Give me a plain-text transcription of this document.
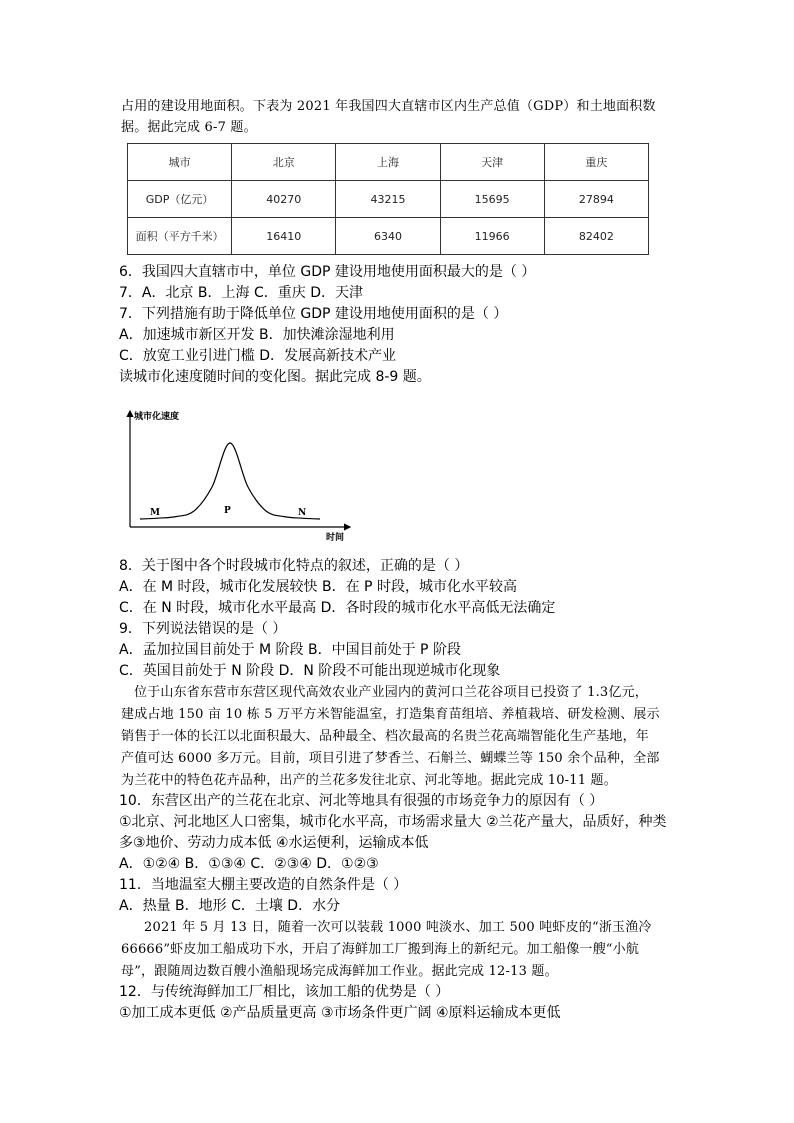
占用的建设用地面积。下表为 2021 年我国四大直辖市区内生产总值（GDP）和土地面积数
据。据此完成 6-7 题。
城市	北京	上海	天津	重庆
GDP（亿元）	40270	43215	15695	27894
面积（平方千米）	16410	6340	11966	82402
6．我国四大直辖市中，单位 GDP 建设用地使用面积最大的是（ ）
7．A．北京 B．上海 C．重庆 D．天津
7．下列措施有助于降低单位 GDP 建设用地使用面积的是（ ）
A．加速城市新区开发 B．加快滩涂湿地利用
C．放宽工业引进门槛 D．发展高新技术产业
读城市化速度随时间的变化图。据此完成 8-9 题。
城市化速度
时间
M	P	N
8．关于图中各个时段城市化特点的叙述，正确的是（ ）
A．在 M 时段，城市化发展较快 B．在 P 时段，城市化水平较高
C．在 N 时段，城市化水平最高 D．各时段的城市化水平高低无法确定
9．下列说法错误的是（ ）
A．孟加拉国目前处于 M 阶段 B．中国目前处于 P 阶段
C．英国目前处于 N 阶段 D．N 阶段不可能出现逆城市化现象
位于山东省东营市东营区现代高效农业产业园内的黄河口兰花谷项目已投资了 1.3亿元，
建成占地 150 亩 10 栋 5 万平方米智能温室，打造集育苗组培、养植栽培、研发检测、展示
销售于一体的长江以北面积最大、品种最全、档次最高的名贵兰花高端智能化生产基地，年
产值可达 6000 多万元。目前，项目引进了梦香兰、石斛兰、蝴蝶兰等 150 余个品种，全部
为兰花中的特色花卉品种，出产的兰花多发往北京、河北等地。据此完成 10-11 题。
10．东营区出产的兰花在北京、河北等地具有很强的市场竞争力的原因有（ ）
①北京、河北地区人口密集，城市化水平高，市场需求量大 ②兰花产量大，品质好，种类
多③地价、劳动力成本低 ④水运便利，运输成本低
A．①②④ B．①③④ C．②③④ D．①②③
11．当地温室大棚主要改造的自然条件是（ ）
A．热量 B．地形 C．土壤 D．水分
2021 年 5 月 13 日，随着一次可以装载 1000 吨淡水、加工 500 吨虾皮的“浙玉渔冷
66666”虾皮加工船成功下水，开启了海鲜加工厂搬到海上的新纪元。加工船像一艘“小航
母”，跟随周边数百艘小渔船现场完成海鲜加工作业。据此完成 12-13 题。
12．与传统海鲜加工厂相比，该加工船的优势是（ ）
①加工成本更低 ②产品质量更高 ③市场条件更广阔 ④原料运输成本更低
